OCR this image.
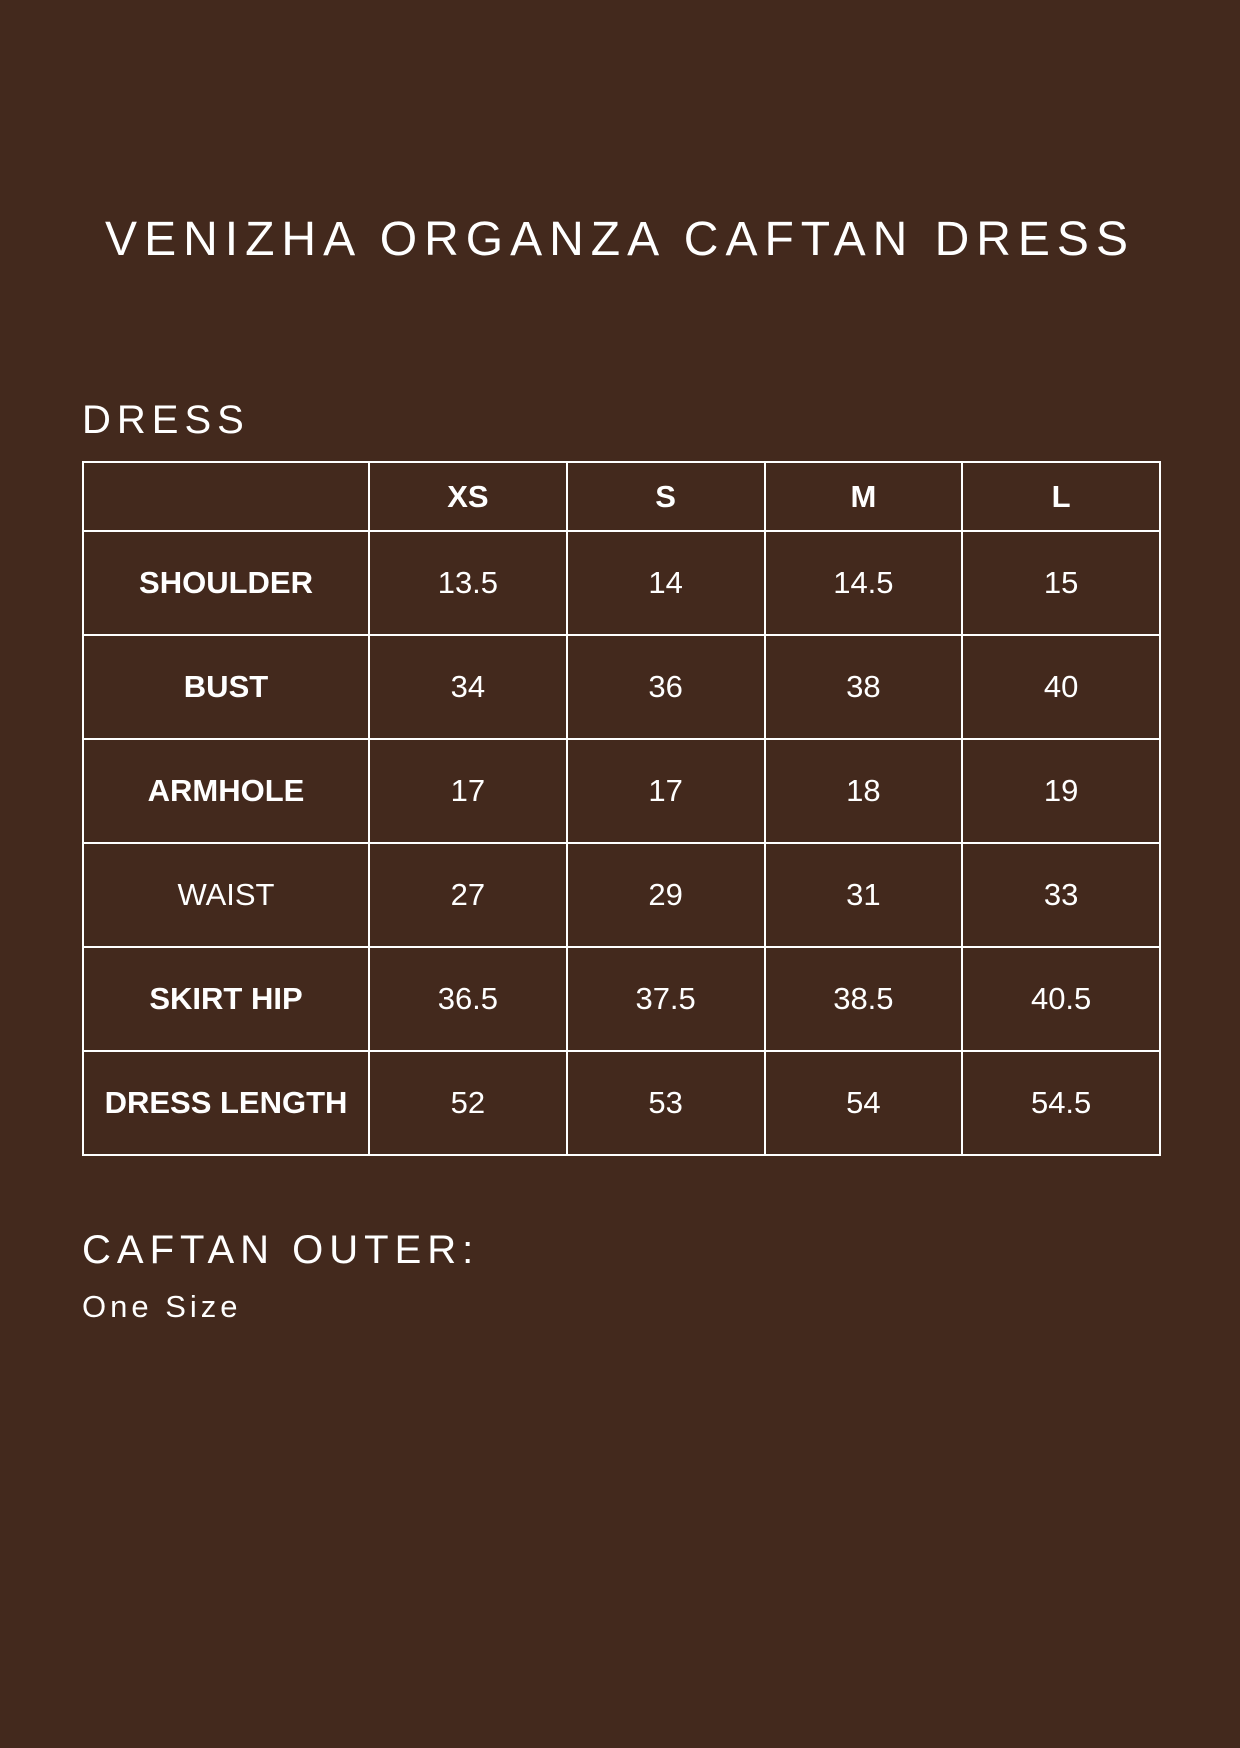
VENIZHA ORGANZA CAFTAN DRESS
DRESS
	XS	S	M	L
SHOULDER	13.5	14	14.5	15
BUST	34	36	38	40
ARMHOLE	17	17	18	19
WAIST	27	29	31	33
SKIRT HIP	36.5	37.5	38.5	40.5
DRESS LENGTH	52	53	54	54.5
CAFTAN OUTER:

One Size
